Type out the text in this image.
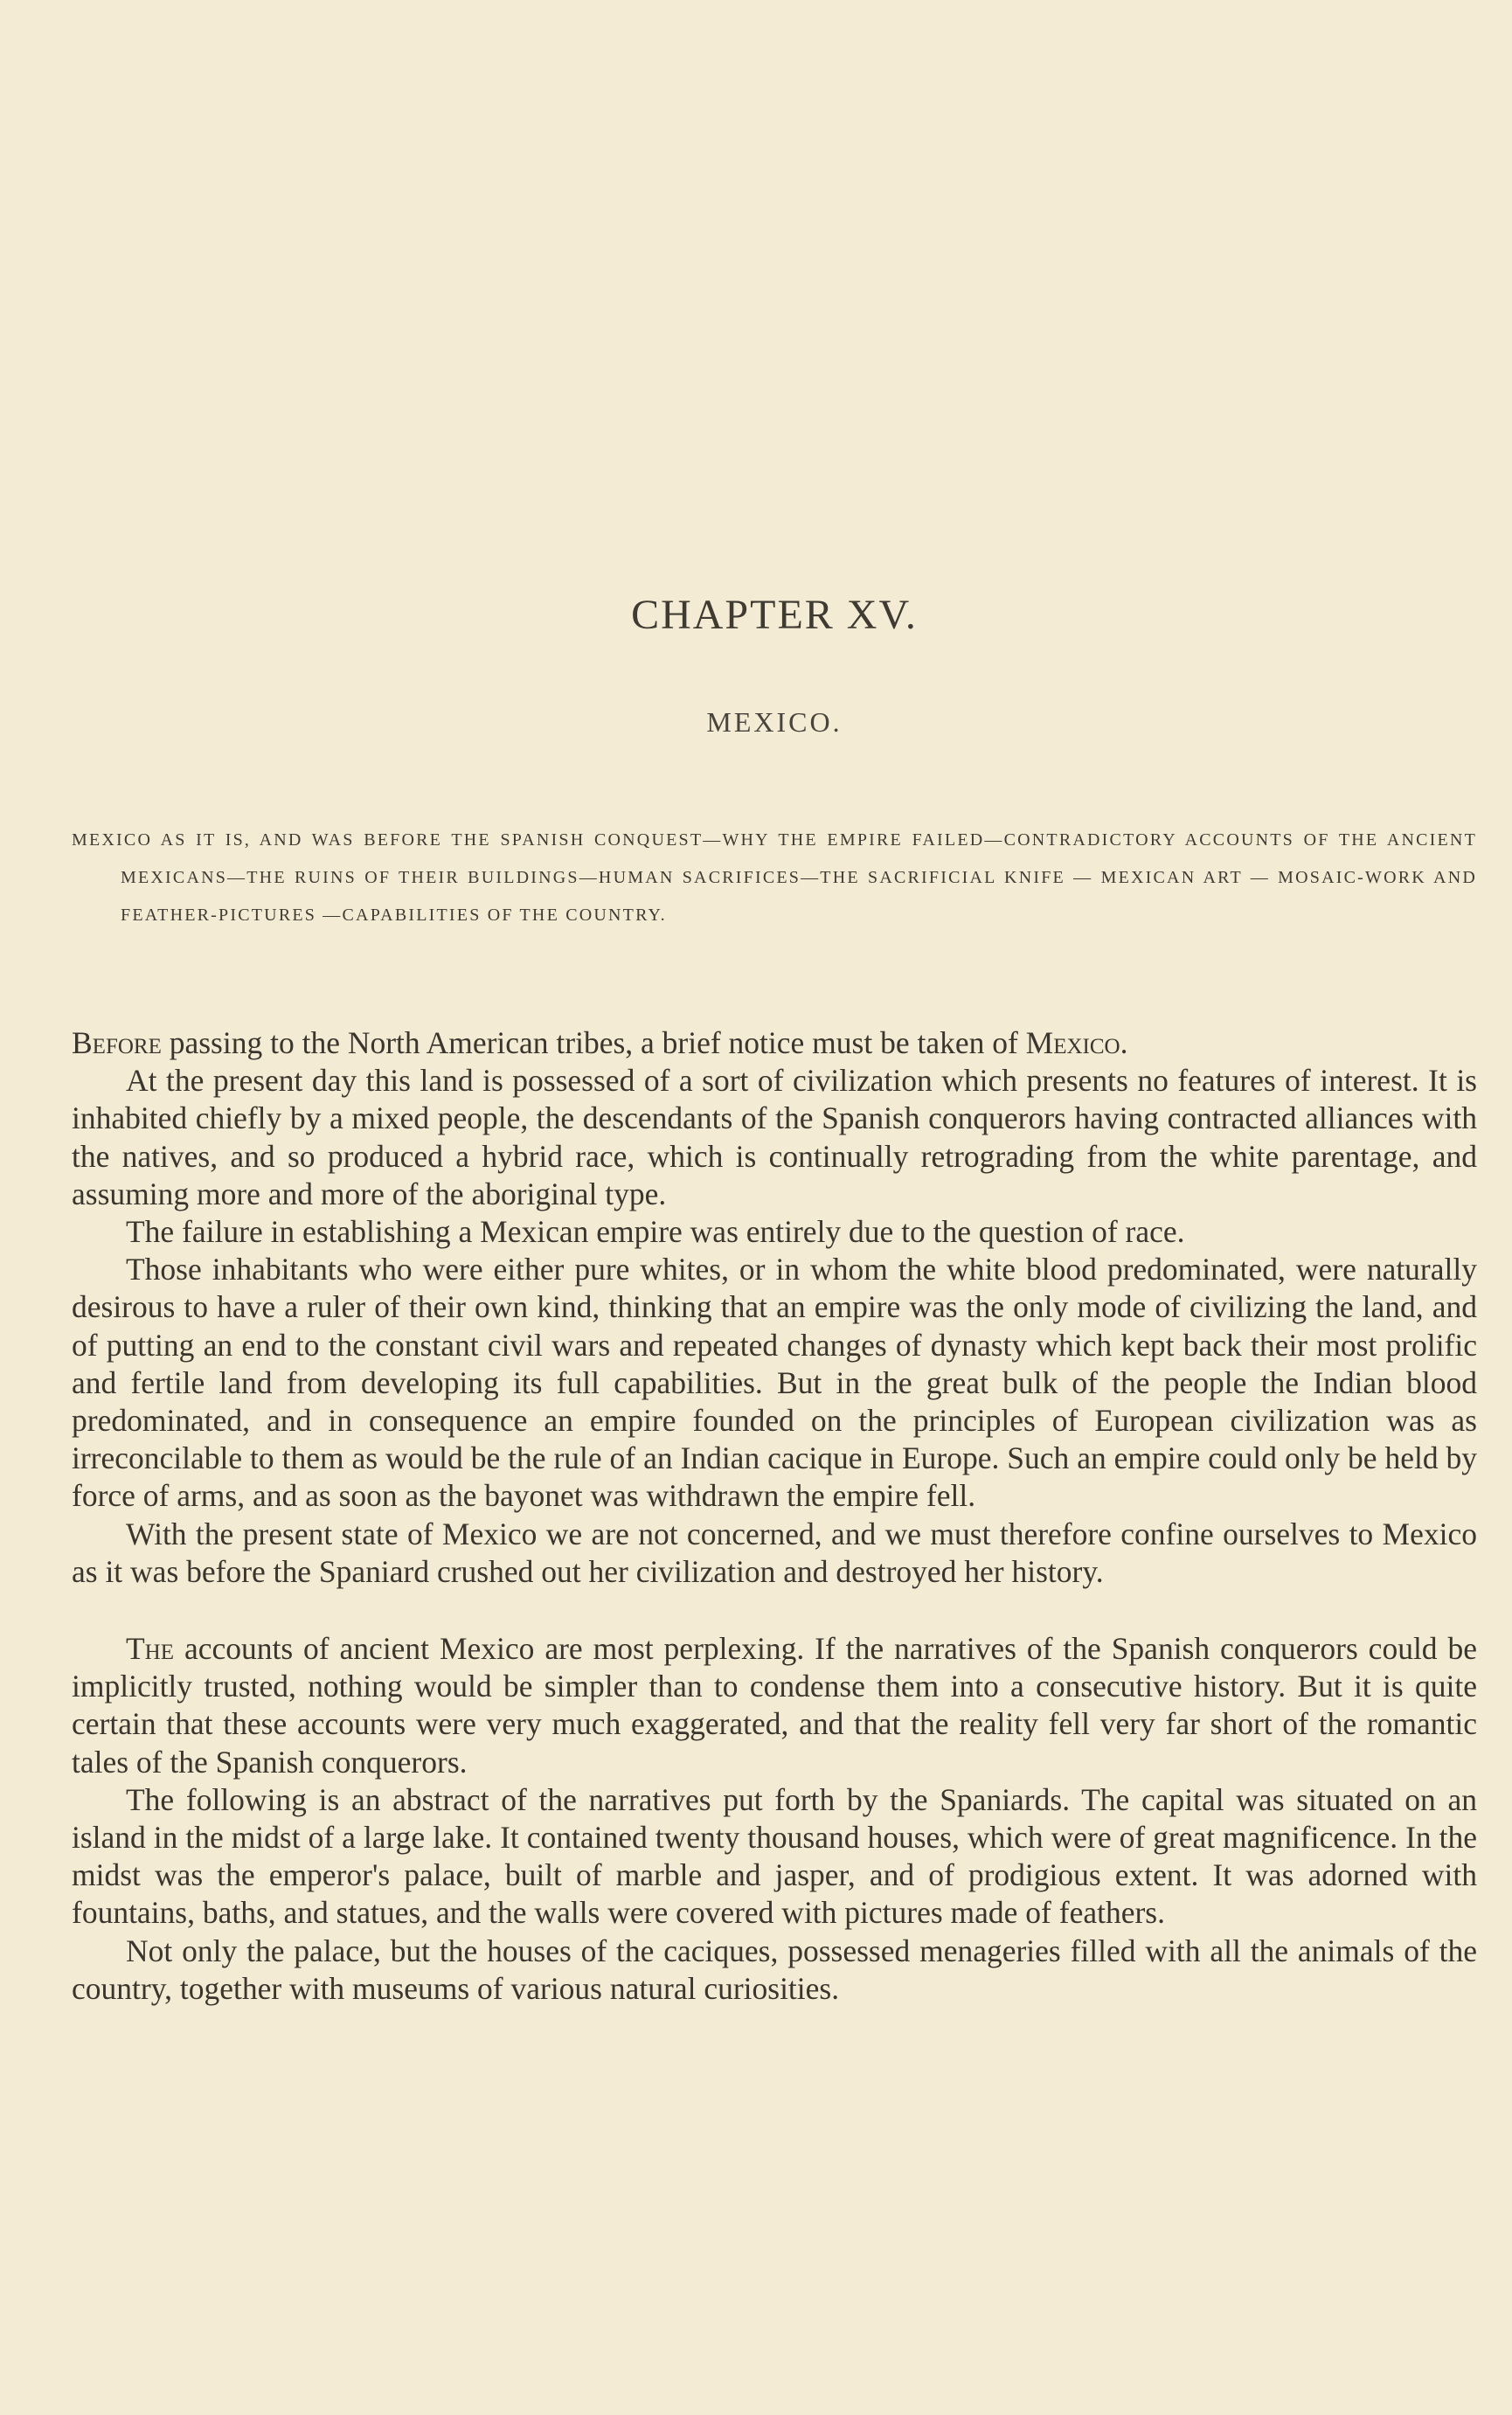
CHAPTER XV.
MEXICO.

MEXICO AS IT IS, AND WAS BEFORE THE SPANISH CONQUEST—WHY THE EMPIRE FAILED—CONTRADICTORY ACCOUNTS OF THE ANCIENT MEXICANS—THE RUINS OF THEIR BUILDINGS—HUMAN SACRIFICES—THE SACRIFICIAL KNIFE — MEXICAN ART — MOSAIC-WORK AND FEATHER-PICTURES —CAPABILITIES OF THE COUNTRY.

Before passing to the North American tribes, a brief notice must be taken of Mexico.

At the present day this land is possessed of a sort of civilization which presents no features of interest. It is inhabited chiefly by a mixed people, the descendants of the Spanish conquerors having contracted alliances with the natives, and so produced a hybrid race, which is continually retrograding from the white parentage, and assuming more and more of the aboriginal type.

The failure in establishing a Mexican empire was entirely due to the question of race.

Those inhabitants who were either pure whites, or in whom the white blood predominated, were naturally desirous to have a ruler of their own kind, thinking that an empire was the only mode of civilizing the land, and of putting an end to the constant civil wars and repeated changes of dynasty which kept back their most prolific and fertile land from developing its full capabilities. But in the great bulk of the people the Indian blood predominated, and in consequence an empire founded on the principles of European civilization was as irreconcilable to them as would be the rule of an Indian cacique in Europe. Such an empire could only be held by force of arms, and as soon as the bayonet was withdrawn the empire fell.

With the present state of Mexico we are not concerned, and we must therefore confine ourselves to Mexico as it was before the Spaniard crushed out her civilization and destroyed her history.

The accounts of ancient Mexico are most perplexing. If the narratives of the Spanish conquerors could be implicitly trusted, nothing would be simpler than to condense them into a consecutive history. But it is quite certain that these accounts were very much exaggerated, and that the reality fell very far short of the romantic tales of the Spanish conquerors.

The following is an abstract of the narratives put forth by the Spaniards. The capital was situated on an island in the midst of a large lake. It contained twenty thousand houses, which were of great magnificence. In the midst was the emperor's palace, built of marble and jasper, and of prodigious extent. It was adorned with fountains, baths, and statues, and the walls were covered with pictures made of feathers.

Not only the palace, but the houses of the caciques, possessed menageries filled with all the animals of the country, together with museums of various natural curiosities.
